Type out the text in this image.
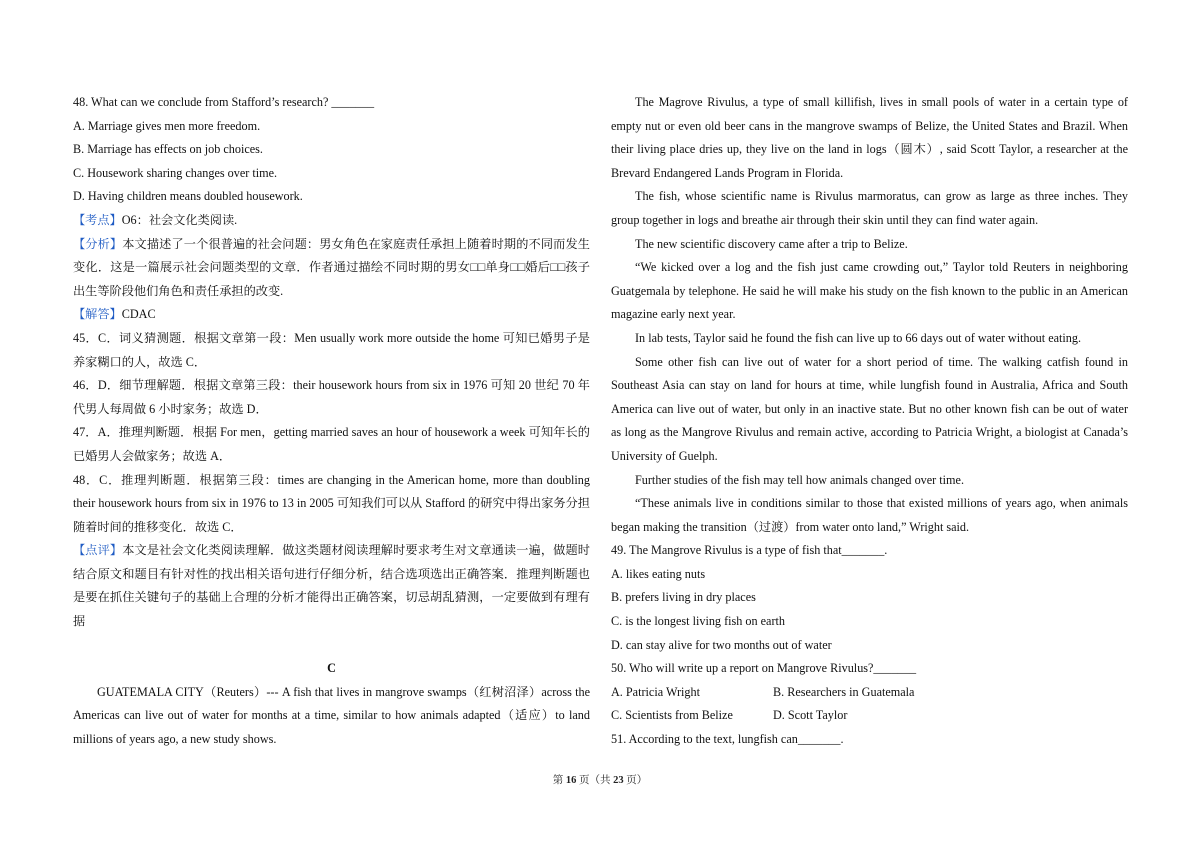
48. What can we conclude from Stafford’s research? _______
A. Marriage gives men more freedom.
B. Marriage has effects on job choices.
C. Housework sharing changes over time.
D. Having children means doubled housework.
【考点】O6：社会文化类阅读.

【分析】本文描述了一个很普遍的社会问题：男女角色在家庭责任承担上随着时期的不同而发生变化．这是一篇展示社会问题类型的文章．作者通过描绘不同时期的男女□□单身□□婚后□□孩子出生等阶段他们角色和责任承担的改变.

【解答】CDAC

45．C．词义猜测题．根据文章第一段：Men usually work more outside the home 可知已婚男子是养家糊口的人，故选 C．

46．D．细节理解题．根据文章第三段：their housework hours from six in 1976 可知 20 世纪 70 年代男人每周做 6 小时家务；故选 D．

47．A．推理判断题．根据 For men，getting married saves an hour of housework a week 可知年长的已婚男人会做家务；故选 A．

48．C．推理判断题．根据第三段：times are changing in the American home, more than doubling their housework hours from six in 1976 to 13 in 2005 可知我们可以从 Stafford 的研究中得出家务分担随着时间的推移变化．故选 C．

【点评】本文是社会文化类阅读理解．做这类题材阅读理解时要求考生对文章通读一遍，做题时结合原文和题目有针对性的找出相关语句进行仔细分析，结合选项选出正确答案．推理判断题也是要在抓住关键句子的基础上合理的分析才能得出正确答案，切忌胡乱猜测，一定要做到有理有据

C

GUATEMALA CITY（Reuters）--- A fish that lives in mangrove swamps（红树沼泽）across the Americas can live out of water for months at a time, similar to how animals adapted（适应）to land millions of years ago, a new study shows.

The Magrove Rivulus, a type of small killifish, lives in small pools of water in a certain type of empty nut or even old beer cans in the mangrove swamps of Belize, the United States and Brazil. When their living place dries up, they live on the land in logs（圆木）, said Scott Taylor, a researcher at the Brevard Endangered Lands Program in Florida.

The fish, whose scientific name is Rivulus marmoratus, can grow as large as three inches. They group together in logs and breathe air through their skin until they can find water again.

The new scientific discovery came after a trip to Belize.

“We kicked over a log and the fish just came crowding out,” Taylor told Reuters in neighboring Guatgemala by telephone. He said he will make his study on the fish known to the public in an American magazine early next year.

In lab tests, Taylor said he found the fish can live up to 66 days out of water without eating.

Some other fish can live out of water for a short period of time. The walking catfish found in Southeast Asia can stay on land for hours at time, while lungfish found in Australia, Africa and South America can live out of water, but only in an inactive state. But no other known fish can be out of water as long as the Mangrove Rivulus and remain active, according to Patricia Wright, a biologist at Canada’s University of Guelph.

Further studies of the fish may tell how animals changed over time.

“These animals live in conditions similar to those that existed millions of years ago, when animals began making the transition（过渡）from water onto land,” Wright said.

49. The Mangrove Rivulus is a type of fish that_______.
A. likes eating nuts
B. prefers living in dry places
C. is the longest living fish on earth
D. can stay alive for two months out of water
50. Who will write up a report on Mangrove Rivulus?_______
A. Patricia Wright	B. Researchers in Guatemala
C. Scientists from Belize	D. Scott Taylor
51. According to the text, lungfish can_______.
第 16 页（共 23 页）
